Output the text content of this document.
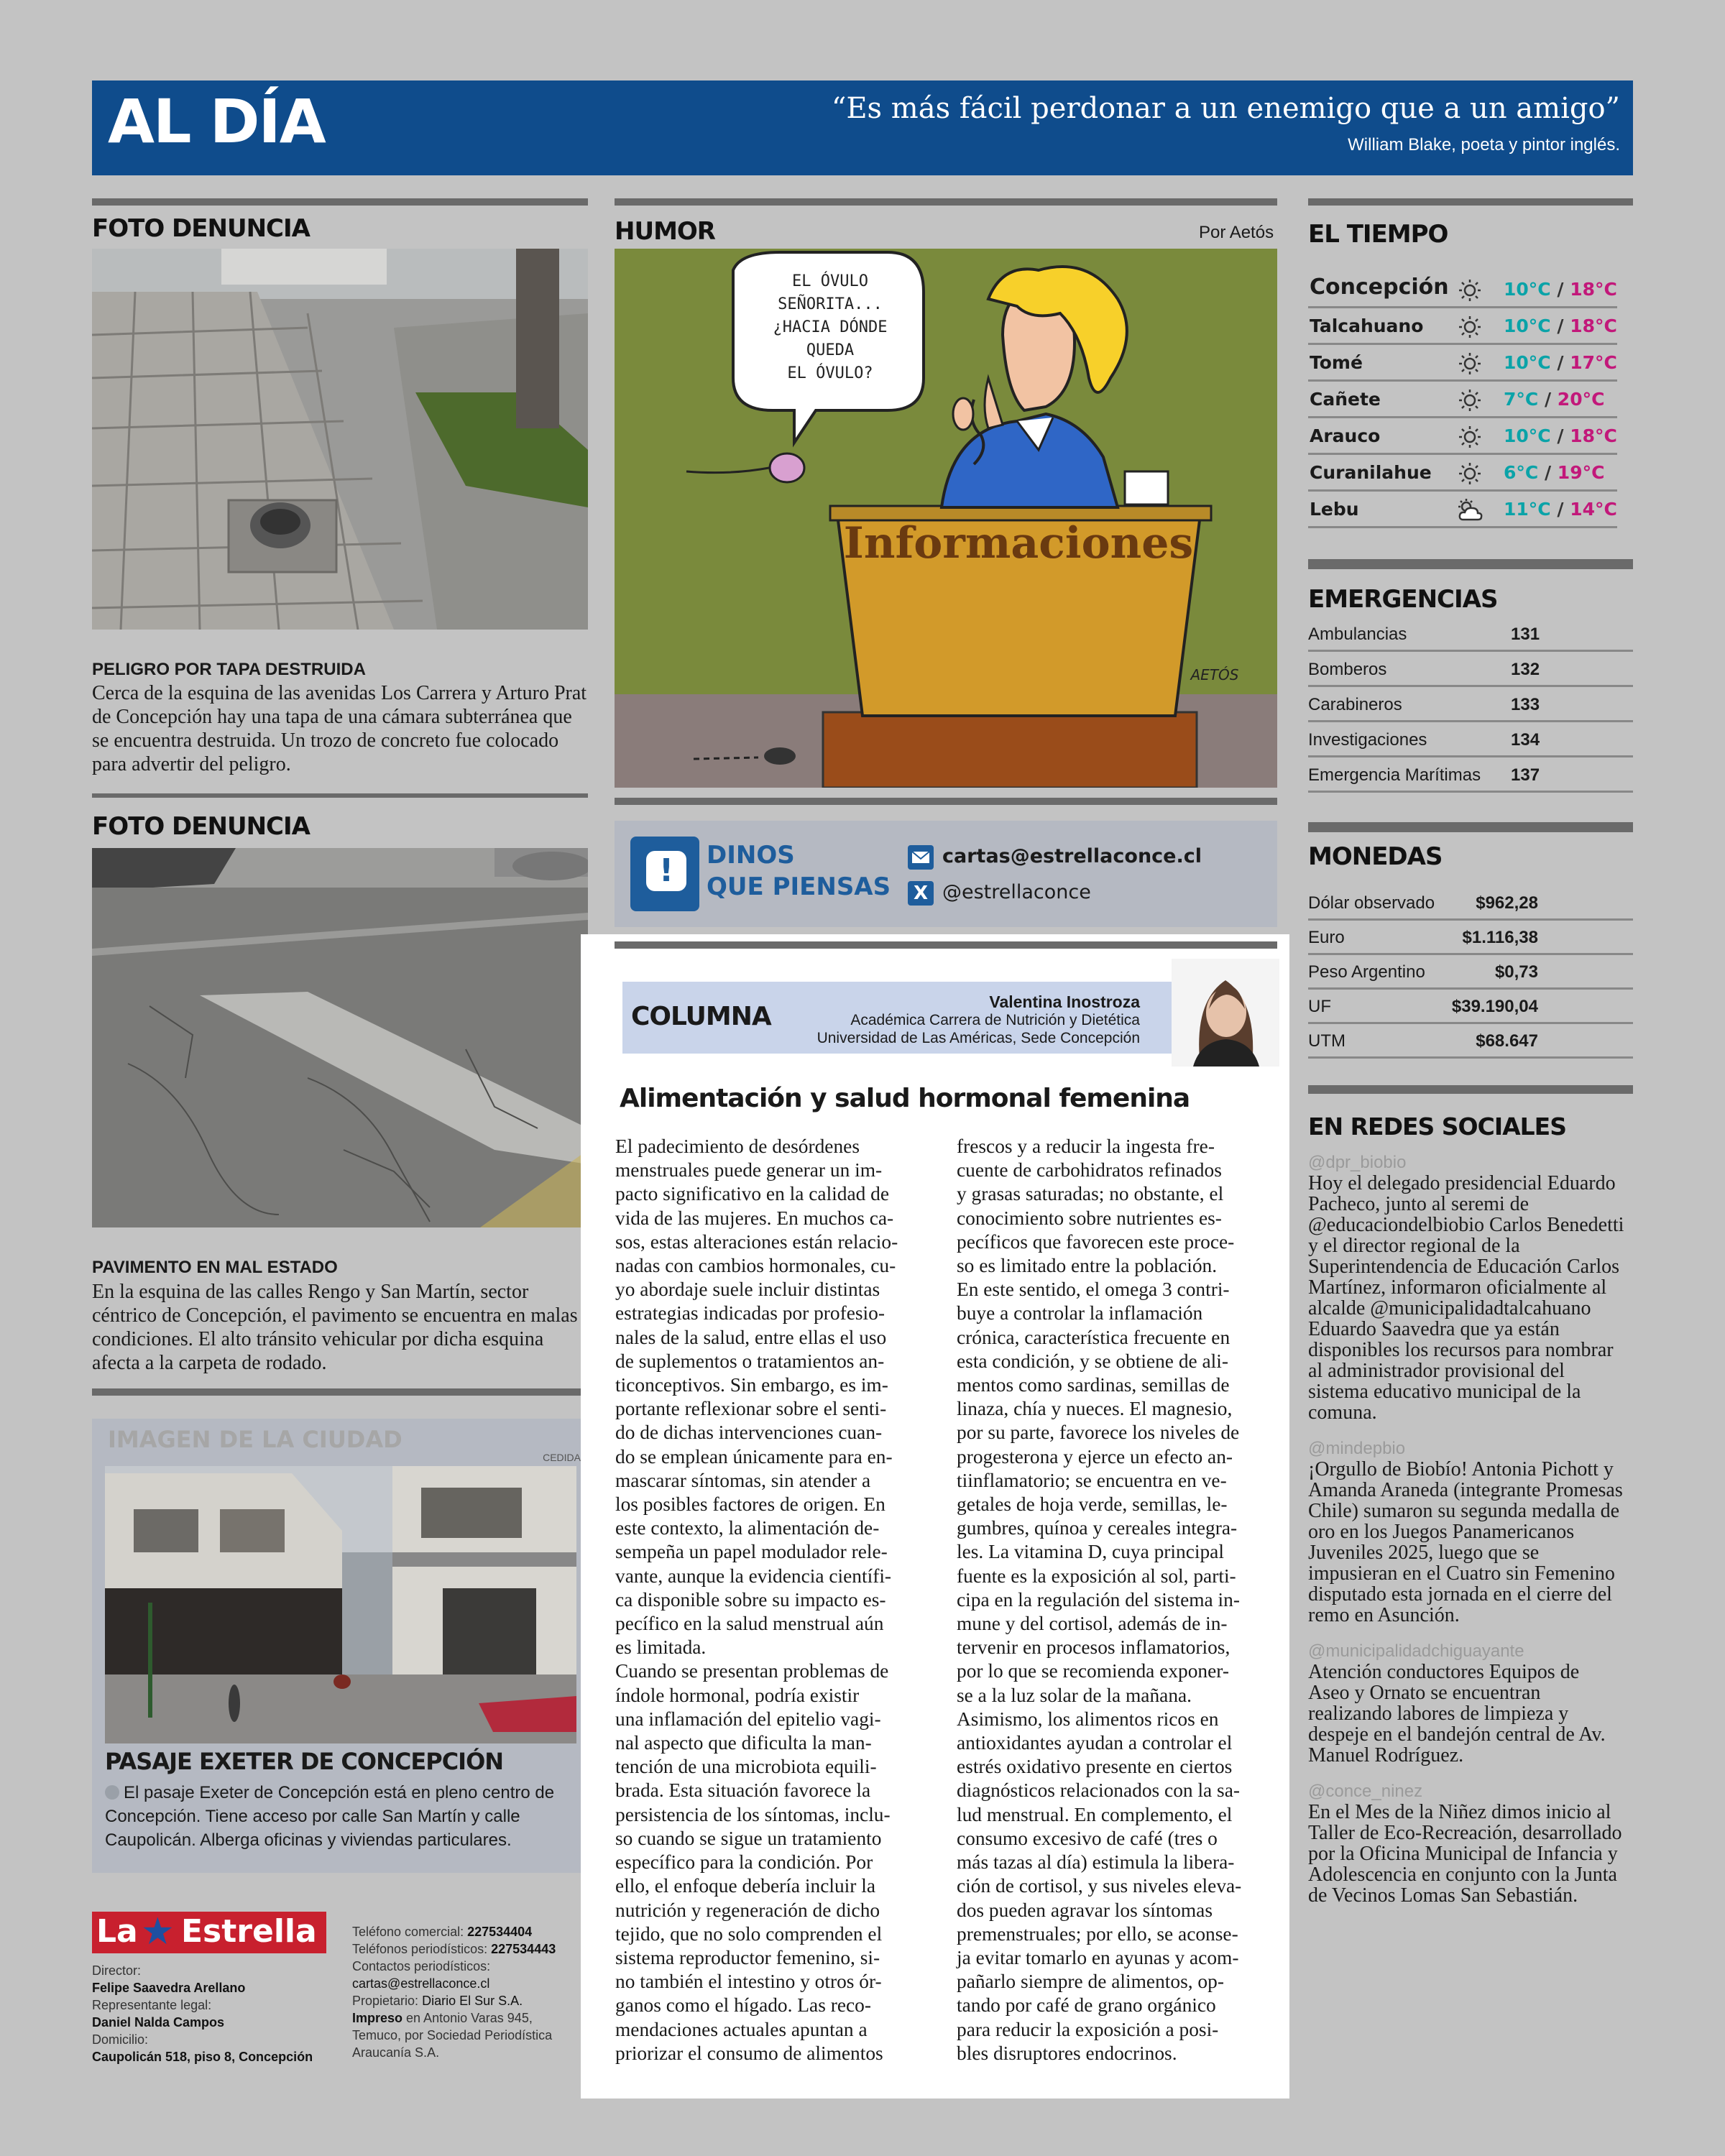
AL DÍA	“Es más fácil perdonar a un enemigo que a un amigo”
William Blake, poeta y pintor inglés.
FOTO DENUNCIA
PELIGRO POR TAPA DESTRUIDA
Cerca de la esquina de las avenidas Los Carrera y Arturo Prat de Concepción hay una tapa de una cámara subterránea que se encuentra destruida. Un trozo de concreto fue colocado para advertir del peligro.
FOTO DENUNCIA
PAVIMENTO EN MAL ESTADO
En la esquina de las calles Rengo y San Martín, sector céntrico de Concepción, el pavimento se encuentra en malas condiciones. El alto tránsito vehicular por dicha esquina afecta a la carpeta de rodado.
IMAGEN DE LA CIUDAD
CEDIDA
PASAJE EXETER DE CONCEPCIÓN
El pasaje Exeter de Concepción está en pleno centro de Concepción. Tiene acceso por calle San Martín y calle Caupolicán. Alberga oficinas y viviendas particulares.
HUMOR	Por Aetós
EL ÓVULO
SEÑORITA...
¿HACIA DÓNDE
QUEDA
EL ÓVULO?
Informaciones
AETÓS
!	DINOS
QUE PIENSAS
cartas@estrellaconce.cl
X @estrellaconce
COLUMNA	Valentina Inostroza
Académica Carrera de Nutrición y Dietética
Universidad de Las Américas, Sede Concepción
Alimentación y salud hormonal femenina
El padecimiento de desórdenes
menstruales puede generar un im-
pacto significativo en la calidad de
vida de las mujeres. En muchos ca-
sos, estas alteraciones están relacio-
nadas con cambios hormonales, cu-
yo abordaje suele incluir distintas
estrategias indicadas por profesio-
nales de la salud, entre ellas el uso
de suplementos o tratamientos an-
ticonceptivos. Sin embargo, es im-
portante reflexionar sobre el senti-
do de dichas intervenciones cuan-
do se emplean únicamente para en-
mascarar síntomas, sin atender a
los posibles factores de origen. En
este contexto, la alimentación de-
sempeña un papel modulador rele-
vante, aunque la evidencia científi-
ca disponible sobre su impacto es-
pecífico en la salud menstrual aún
es limitada.
Cuando se presentan problemas de
índole hormonal, podría existir
una inflamación del epitelio vagi-
nal aspecto que dificulta la man-
tención de una microbiota equili-
brada. Esta situación favorece la
persistencia de los síntomas, inclu-
so cuando se sigue un tratamiento
específico para la condición. Por
ello, el enfoque debería incluir la
nutrición y regeneración de dicho
tejido, que no solo comprenden el
sistema reproductor femenino, si-
no también el intestino y otros ór-
ganos como el hígado. Las reco-
mendaciones actuales apuntan a
priorizar el consumo de alimentos
frescos y a reducir la ingesta fre-
cuente de carbohidratos refinados
y grasas saturadas; no obstante, el
conocimiento sobre nutrientes es-
pecíficos que favorecen este proce-
so es limitado entre la población.
En este sentido, el omega 3 contri-
buye a controlar la inflamación
crónica, característica frecuente en
esta condición, y se obtiene de ali-
mentos como sardinas, semillas de
linaza, chía y nueces. El magnesio,
por su parte, favorece los niveles de
progesterona y ejerce un efecto an-
tiinflamatorio; se encuentra en ve-
getales de hoja verde, semillas, le-
gumbres, quínoa y cereales integra-
les. La vitamina D, cuya principal
fuente es la exposición al sol, parti-
cipa en la regulación del sistema in-
mune y del cortisol, además de in-
tervenir en procesos inflamatorios,
por lo que se recomienda exponer-
se a la luz solar de la mañana.
Asimismo, los alimentos ricos en
antioxidantes ayudan a controlar el
estrés oxidativo presente en ciertos
diagnósticos relacionados con la sa-
lud menstrual. En complemento, el
consumo excesivo de café (tres o
más tazas al día) estimula la libera-
ción de cortisol, y sus niveles eleva-
dos pueden agravar los síntomas
premenstruales; por ello, se aconse-
ja evitar tomarlo en ayunas y acom-
pañarlo siempre de alimentos, op-
tando por café de grano orgánico
para reducir la exposición a posi-
bles disruptores endocrinos.
EL TIEMPO
Concepción	10°C / 18°C
Talcahuano	10°C / 18°C
Tomé	10°C / 17°C
Cañete	7°C / 20°C
Arauco	10°C / 18°C
Curanilahue	6°C / 19°C
Lebu	11°C / 14°C
EMERGENCIAS
Ambulancias	131
Bomberos	132
Carabineros	133
Investigaciones	134
Emergencia Marítimas 137
MONEDAS
Dólar observado $962,28
Euro	$1.116,38
Peso Argentino	$0,73
UF	$39.190,04
UTM	$68.647
EN REDES SOCIALES
@dpr_biobio
Hoy el delegado presidencial Eduardo Pacheco, junto al seremi de @educaciondelbiobio Carlos Benedetti y el director regional de la Superintendencia de Educación Carlos Martínez, informaron oficialmente al alcalde @municipalidadtalcahuano Eduardo Saavedra que ya están disponibles los recursos para nombrar al administrador provisional del sistema educativo municipal de la comuna.
@mindepbio
¡Orgullo de Biobío! Antonia Pichott y Amanda Araneda (integrante Promesas Chile) sumaron su segunda medalla de oro en los Juegos Panamericanos Juveniles 2025, luego que se impusieran en el Cuatro sin Femenino disputado esta jornada en el cierre del remo en Asunción.
@municipalidadchiguayante
Atención conductores Equipos de Aseo y Ornato se encuentran realizando labores de limpieza y despeje en el bandejón central de Av. Manuel Rodríguez.
@conce_ninez
En el Mes de la Niñez dimos inicio al Taller de Eco-Recreación, desarrollado por la Oficina Municipal de Infancia y Adolescencia en conjunto con la Junta de Vecinos Lomas San Sebastián.
La ★ Estrella
Director:
Felipe Saavedra Arellano
Representante legal:
Daniel Nalda Campos
Domicilio:
Caupolicán 518, piso 8, Concepción
Teléfono comercial: 227534404
Teléfonos periodísticos: 227534443
Contactos periodísticos:
cartas@estrellaconce.cl
Propietario: Diario El Sur S.A.
Impreso en Antonio Varas 945,
Temuco, por Sociedad Periodística
Araucanía S.A.
